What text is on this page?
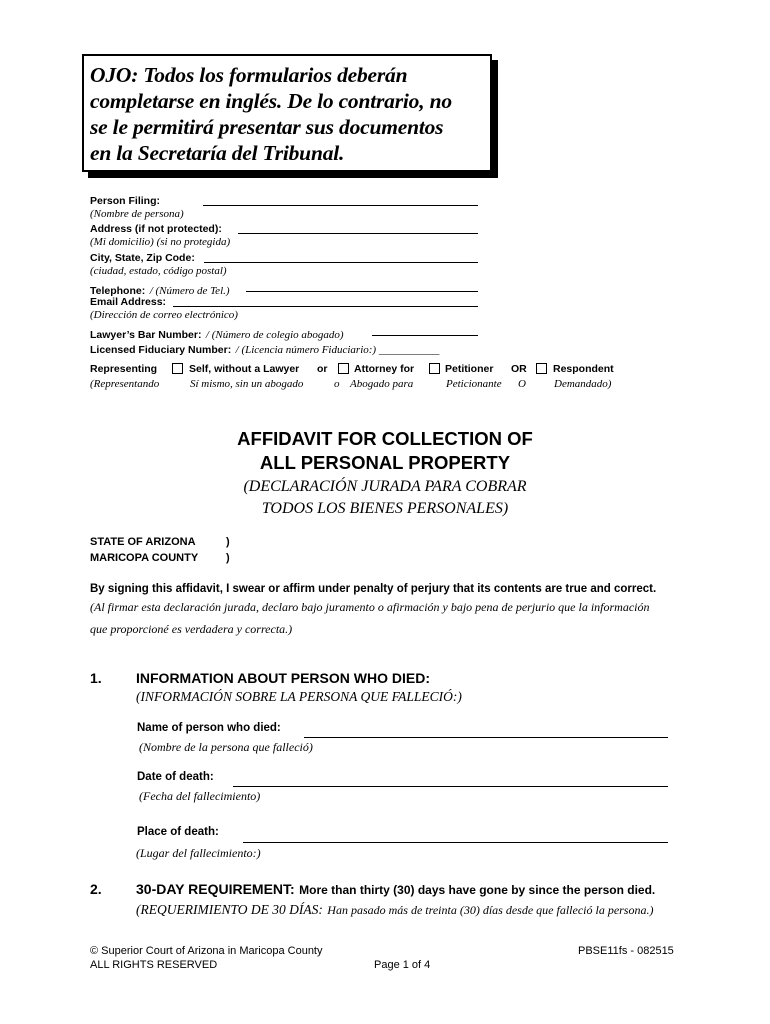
OJO: Todos los formularios deberán
completarse en inglés. De lo contrario, no
se le permitirá presentar sus documentos
en la Secretaría del Tribunal.

Person Filing:
(Nombre de persona)
Address (if not protected):
(Mi domicilio) (si no protegida)
City, State, Zip Code:
(ciudad, estado, código postal)
Telephone: / (Número de Tel.)
Email Address:
(Dirección de correo electrónico)
Lawyer’s Bar Number: / (Número de colegio abogado)
Licensed Fiduciary Number: / (Licencia número Fiduciario:) ___________
Representing
(Representando
Self, without a Lawyer
Sí mismo, sin un abogado
or
o
Attorney for
Abogado para
Petitioner
Peticionante
OR
O
Respondent
Demandado)
AFFIDAVIT FOR COLLECTION OF
ALL PERSONAL PROPERTY
(DECLARACIÓN JURADA PARA COBRAR
TODOS LOS BIENES PERSONALES)
STATE OF ARIZONA	)
MARICOPA COUNTY	)
By signing this affidavit, I swear or affirm under penalty of perjury that its contents are true and correct.
(Al firmar esta declaración jurada, declaro bajo juramento o afirmación y bajo pena de perjurio que la información
que proporcioné es verdadera y correcta.)
1. INFORMATION ABOUT PERSON WHO DIED:
(INFORMACIÓN SOBRE LA PERSONA QUE FALLECIÓ:)
Name of person who died:
(Nombre de la persona que falleció)
Date of death:
(Fecha del fallecimiento)
Place of death:
(Lugar del fallecimiento:)
2. 30-DAY REQUIREMENT: More than thirty (30) days have gone by since the person died.
(REQUERIMIENTO DE 30 DÍAS: Han pasado más de treinta (30) días desde que falleció la persona.)
© Superior Court of Arizona in Maricopa County
ALL RIGHTS RESERVED
PBSE11fs - 082515
Page 1 of 4
